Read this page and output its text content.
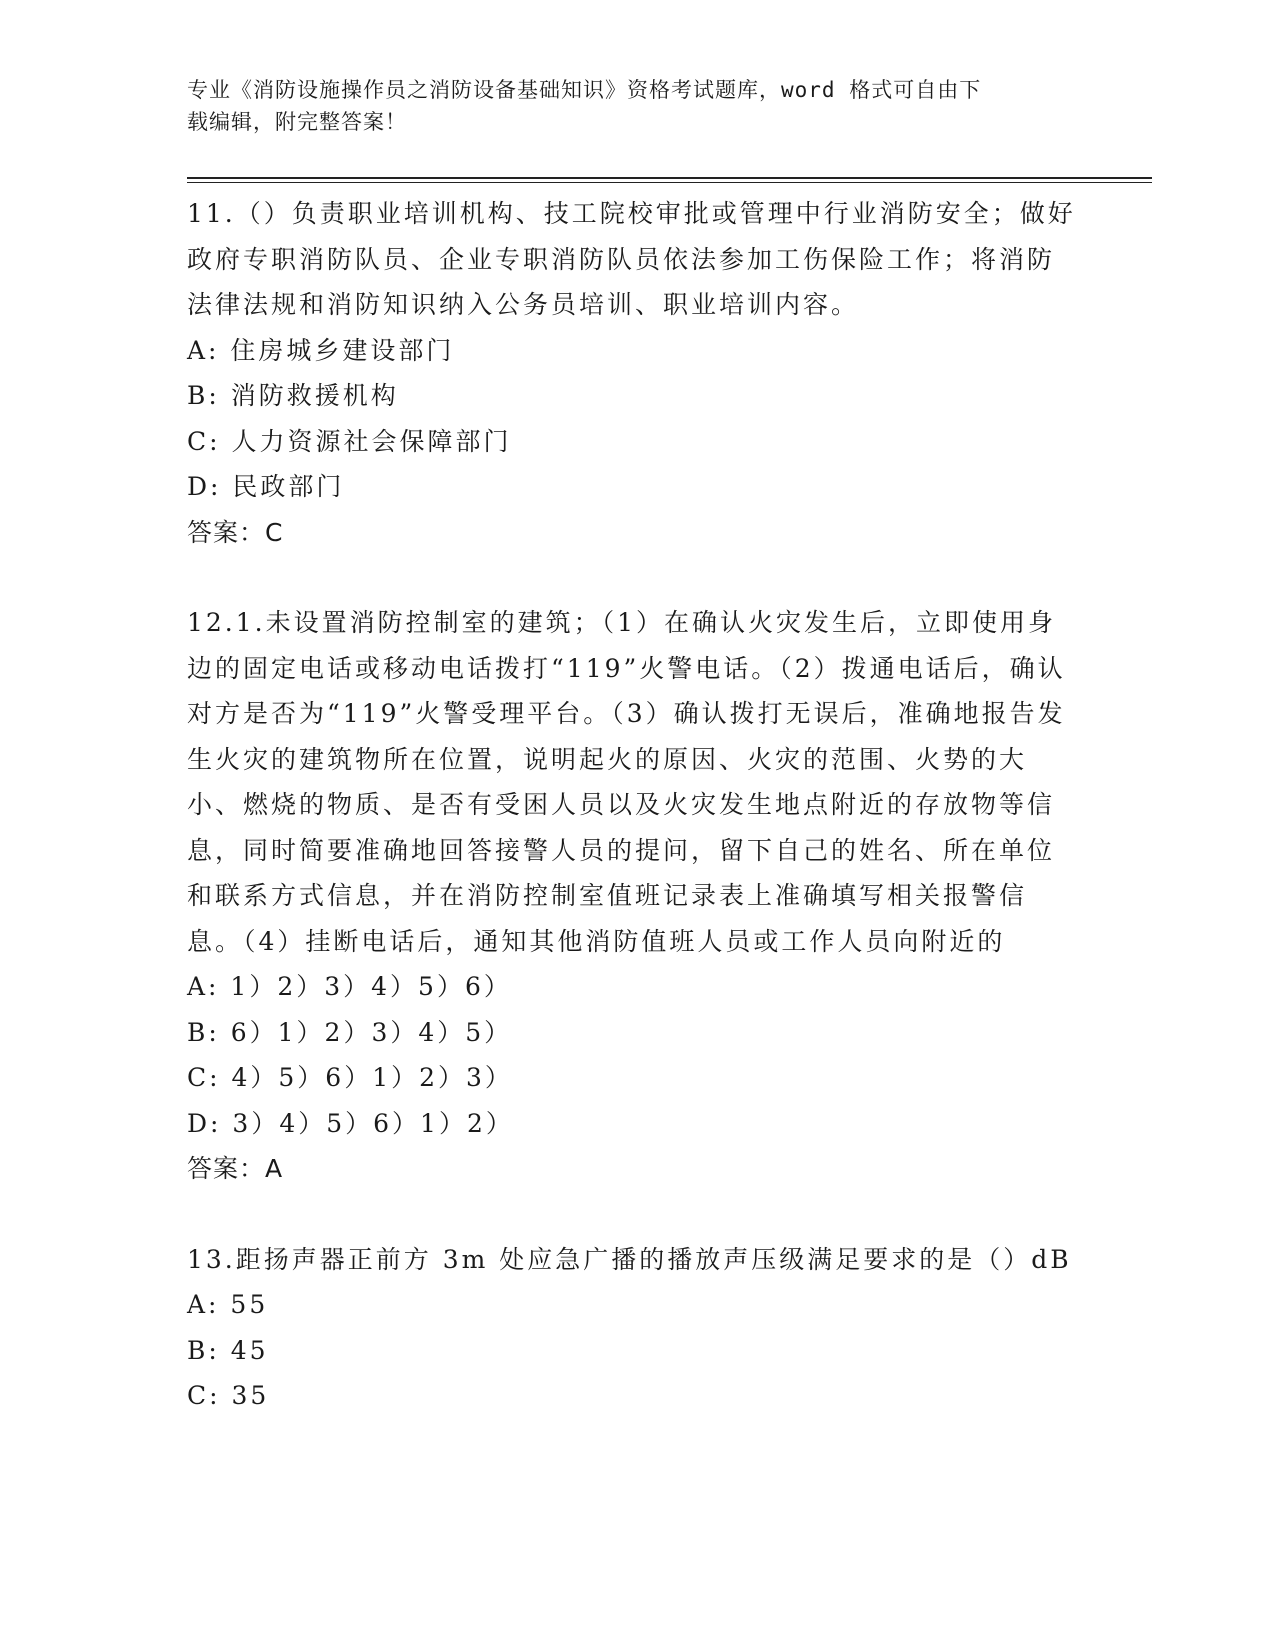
专业《消防设施操作员之消防设备基础知识》资格考试题库，word 格式可自由下
载编辑，附完整答案！

11.（）负责职业培训机构、技工院校审批或管理中行业消防安全；做好政府专职消防队员、企业专职消防队员依法参加工伤保险工作；将消防法律法规和消防知识纳入公务员培训、职业培训内容。

A: 住房城乡建设部门

B: 消防救援机构

C: 人力资源社会保障部门

D: 民政部门

答案：C

12.1.未设置消防控制室的建筑；（1）在确认火灾发生后，立即使用身边的固定电话或移动电话拨打“119”火警电话。（2）拨通电话后，确认对方是否为“119”火警受理平台。（3）确认拨打无误后，准确地报告发生火灾的建筑物所在位置，说明起火的原因、火灾的范围、火势的大小、燃烧的物质、是否有受困人员以及火灾发生地点附近的存放物等信息，同时简要准确地回答接警人员的提问，留下自己的姓名、所在单位和联系方式信息，并在消防控制室值班记录表上准确填写相关报警信息。（4）挂断电话后，通知其他消防值班人员或工作人员向附近的

A: 1）2）3）4）5）6）

B: 6）1）2）3）4）5）

C: 4）5）6）1）2）3）

D: 3）4）5）6）1）2）

答案：A

13.距扬声器正前方 3m 处应急广播的播放声压级满足要求的是（）dB

A: 55

B: 45

C: 35
